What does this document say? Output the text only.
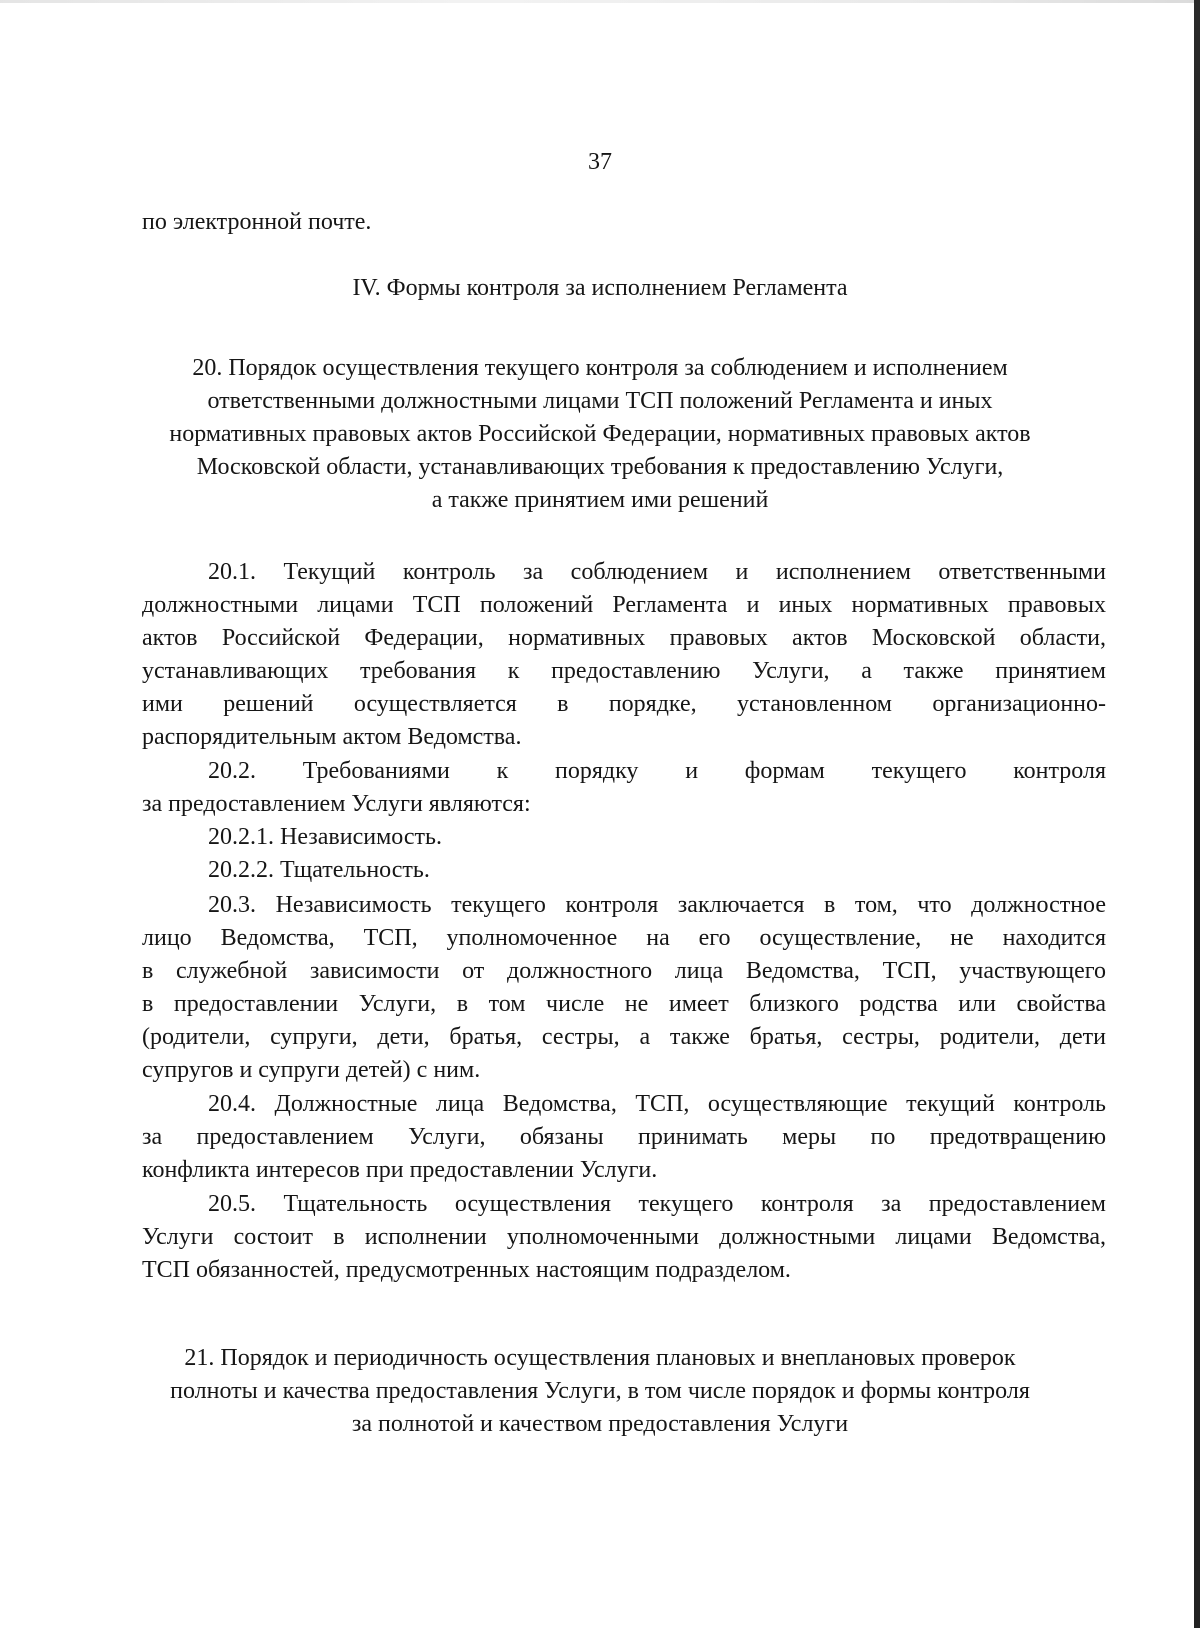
37
по электронной почте.
IV. Формы контроля за исполнением Регламента
20. Порядок осуществления текущего контроля за соблюдением и исполнением
ответственными должностными лицами ТСП положений Регламента и иных
нормативных правовых актов Российской Федерации, нормативных правовых актов
Московской области, устанавливающих требования к предоставлению Услуги,
а также принятием ими решений
20.1. Текущий контроль за соблюдением и исполнением ответственными
должностными лицами ТСП положений Регламента и иных нормативных правовых
актов Российской Федерации, нормативных правовых актов Московской области,
устанавливающих требования к предоставлению Услуги, а также принятием
ими решений осуществляется в порядке, установленном организационно-
распорядительным актом Ведомства.
20.2. Требованиями к порядку и формам текущего контроля
за предоставлением Услуги являются:
20.2.1. Независимость.
20.2.2. Тщательность.
20.3. Независимость текущего контроля заключается в том, что должностное
лицо Ведомства, ТСП, уполномоченное на его осуществление, не находится
в служебной зависимости от должностного лица Ведомства, ТСП, участвующего
в предоставлении Услуги, в том числе не имеет близкого родства или свойства
(родители, супруги, дети, братья, сестры, а также братья, сестры, родители, дети
супругов и супруги детей) с ним.
20.4. Должностные лица Ведомства, ТСП, осуществляющие текущий контроль
за предоставлением Услуги, обязаны принимать меры по предотвращению
конфликта интересов при предоставлении Услуги.
20.5. Тщательность осуществления текущего контроля за предоставлением
Услуги состоит в исполнении уполномоченными должностными лицами Ведомства,
ТСП обязанностей, предусмотренных настоящим подразделом.
21. Порядок и периодичность осуществления плановых и внеплановых проверок
полноты и качества предоставления Услуги, в том числе порядок и формы контроля
за полнотой и качеством предоставления Услуги
